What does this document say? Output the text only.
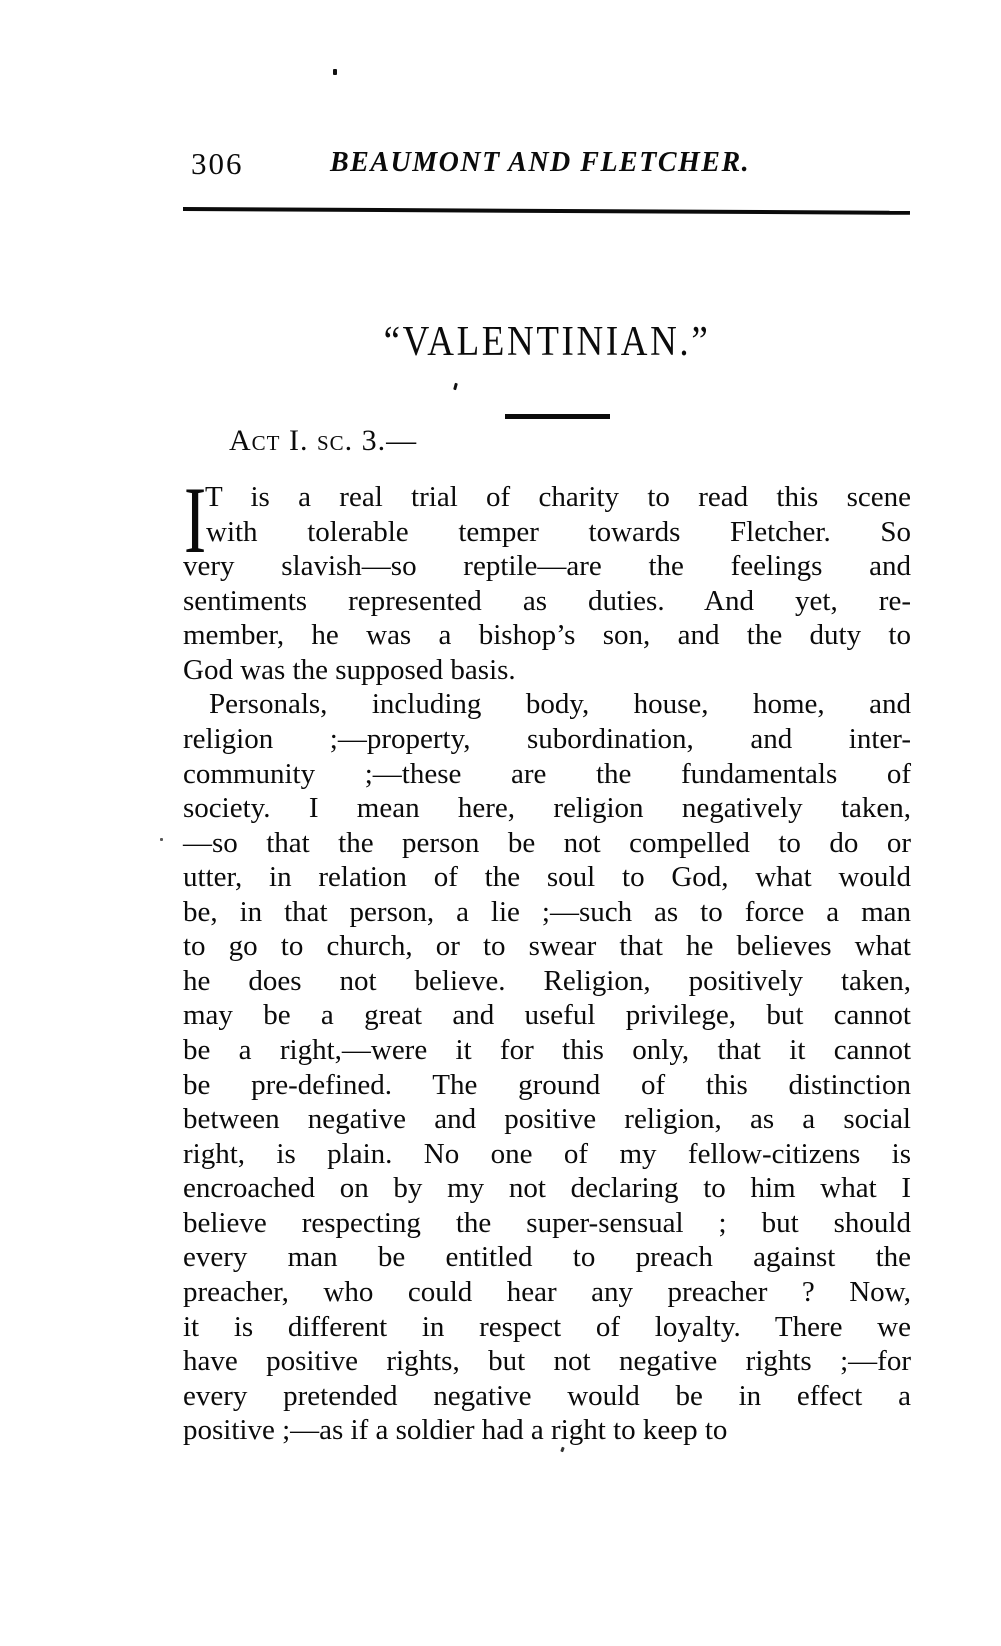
306	BEAUMONT AND FLETCHER.
“VALENTINIAN.”
Act I. sc. 3.—
I
T is a real trial of charity to read this scene
with tolerable temper towards Fletcher. So
very slavish—so reptile—are the feelings and
sentiments represented as duties. And yet, re-
member, he was a bishop’s son, and the duty to
God was the supposed basis.
Personals, including body, house, home, and
religion ;—property, subordination, and inter-
community ;—these are the fundamentals of
society. I mean here, religion negatively taken,
—so that the person be not compelled to do or
utter, in relation of the soul to God, what would
be, in that person, a lie ;—such as to force a man
to go to church, or to swear that he believes what
he does not believe. Religion, positively taken,
may be a great and useful privilege, but cannot
be a right,—were it for this only, that it cannot
be pre-defined. The ground of this distinction
between negative and positive religion, as a social
right, is plain. No one of my fellow-citizens is
encroached on by my not declaring to him what I
believe respecting the super-sensual ; but should
every man be entitled to preach against the
preacher, who could hear any preacher ? Now,
it is different in respect of loyalty. There we
have positive rights, but not negative rights ;—for
every pretended negative would be in effect a
positive ;—as if a soldier had a right to keep to
